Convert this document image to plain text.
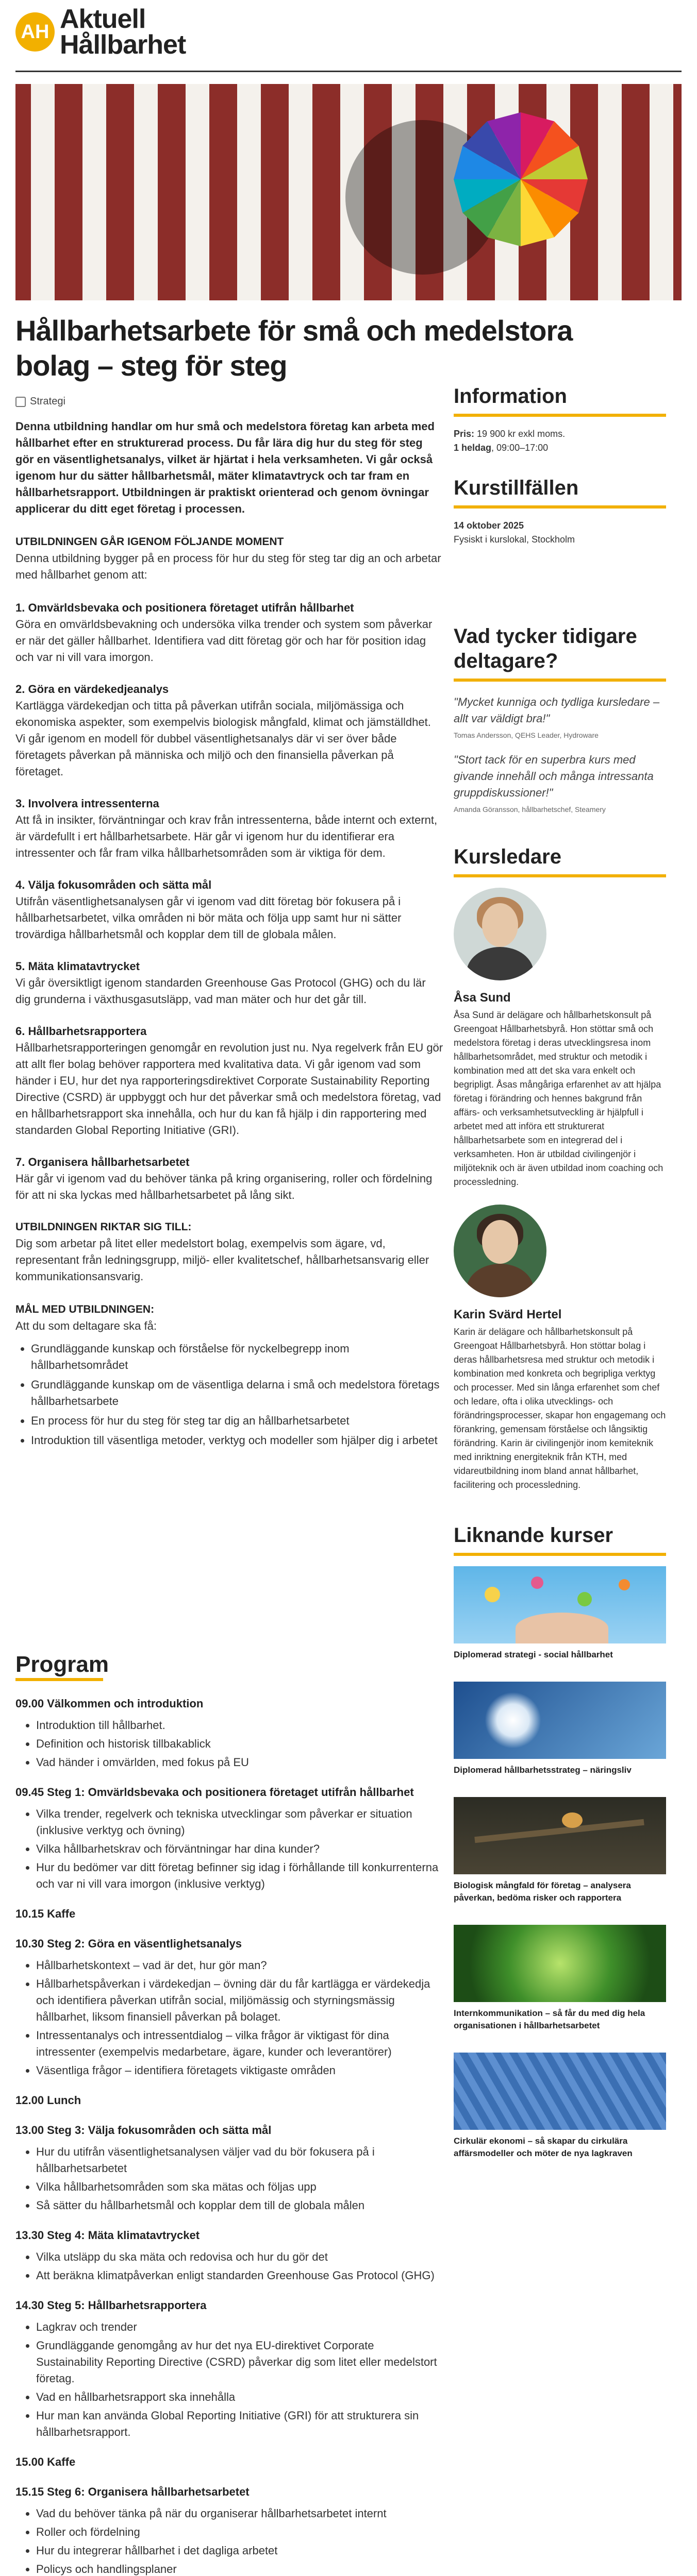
AH Aktuell
Hållbarhet
Hållbarhetsarbete för små och medelstora bolag – steg för steg
Strategi

Denna utbildning handlar om hur små och medelstora företag kan arbeta med hållbarhet efter en strukturerad process. Du får lära dig hur du steg för steg gör en väsentlighetsanalys, vilket är hjärtat i hela verksamheten. Vi går också igenom hur du sätter hållbarhetsmål, mäter klimatavtryck och tar fram en hållbarhetsrapport. Utbildningen är praktiskt orienterad och genom övningar applicerar du ditt eget företag i processen.

UTBILDNINGEN GÅR IGENOM FÖLJANDE MOMENT

Denna utbildning bygger på en process för hur du steg för steg tar dig an och arbetar med hållbarhet genom att:

1. Omvärldsbevaka och positionera företaget utifrån hållbarhet
Göra en omvärldsbevakning och undersöka vilka trender och system som påverkar er när det gäller hållbarhet. Identifiera vad ditt företag gör och har för position idag och var ni vill vara imorgon.
2. Göra en värdekedjeanalys
Kartlägga värdekedjan och titta på påverkan utifrån sociala, miljömässiga och ekonomiska aspekter, som exempelvis biologisk mångfald, klimat och jämställdhet. Vi går igenom en modell för dubbel väsentlighetsanalys där vi ser över både företagets påverkan på människa och miljö och den finansiella påverkan på företaget.
3. Involvera intressenterna
Att få in insikter, förväntningar och krav från intressenterna, både internt och externt, är värdefullt i ert hållbarhetsarbete. Här går vi igenom hur du identifierar era intressenter och får fram vilka hållbarhetsområden som är viktiga för dem.
4. Välja fokusområden och sätta mål
Utifrån väsentlighetsanalysen går vi igenom vad ditt företag bör fokusera på i hållbarhetsarbetet, vilka områden ni bör mäta och följa upp samt hur ni sätter trovärdiga hållbarhetsmål och kopplar dem till de globala målen.
5. Mäta klimatavtrycket
Vi går översiktligt igenom standarden Greenhouse Gas Protocol (GHG) och du lär dig grunderna i växthusgasutsläpp, vad man mäter och hur det går till.
6. Hållbarhetsrapportera
Hållbarhetsrapporteringen genomgår en revolution just nu. Nya regelverk från EU gör att allt fler bolag behöver rapportera med kvalitativa data. Vi går igenom vad som händer i EU, hur det nya rapporteringsdirektivet Corporate Sustainability Reporting Directive (CSRD) är uppbyggt och hur det påverkar små och medelstora företag, vad en hållbarhetsrapport ska innehålla, och hur du kan få hjälp i din rapportering med standarden Global Reporting Initiative (GRI).
7. Organisera hållbarhetsarbetet
Här går vi igenom vad du behöver tänka på kring organisering, roller och fördelning för att ni ska lyckas med hållbarhetsarbetet på lång sikt.
UTBILDNINGEN RIKTAR SIG TILL:

Dig som arbetar på litet eller medelstort bolag, exempelvis som ägare, vd, representant från ledningsgrupp, miljö- eller kvalitetschef, hållbarhetsansvarig eller kommunikationsansvarig.

MÅL MED UTBILDNINGEN:
Att du som deltagare ska få:
• Grundläggande kunskap och förståelse för nyckelbegrepp inom hållbarhetsområdet
• Grundläggande kunskap om de väsentliga delarna i små och medelstora företags hållbarhetsarbete
• En process för hur du steg för steg tar dig an hållbarhetsarbetet
• Introduktion till väsentliga metoder, verktyg och modeller som hjälper dig i arbetet
Program
09.00 Välkommen och introduktion
• Introduktion till hållbarhet.
• Definition och historisk tillbakablick
• Vad händer i omvärlden, med fokus på EU
09.45 Steg 1: Omvärldsbevaka och positionera företaget utifrån hållbarhet
• Vilka trender, regelverk och tekniska utvecklingar som påverkar er situation (inklusive verktyg och övning)
• Vilka hållbarhetskrav och förväntningar har dina kunder?
• Hur du bedömer var ditt företag befinner sig idag i förhållande till konkurrenterna och var ni vill vara imorgon (inklusive verktyg)
10.15 Kaffe
10.30 Steg 2: Göra en väsentlighetsanalys
• Hållbarhetskontext – vad är det, hur gör man?
• Hållbarhetspåverkan i värdekedjan – övning där du får kartlägga er värdekedja och identifiera påverkan utifrån social, miljömässig och styrningsmässig hållbarhet, liksom finansiell påverkan på bolaget.
• Intressentanalys och intressentdialog – vilka frågor är viktigast för dina intressenter (exempelvis medarbetare, ägare, kunder och leverantörer)
• Väsentliga frågor – identifiera företagets viktigaste områden
12.00 Lunch
13.00 Steg 3: Välja fokusområden och sätta mål
• Hur du utifrån väsentlighetsanalysen väljer vad du bör fokusera på i hållbarhetsarbetet
• Vilka hållbarhetsområden som ska mätas och följas upp
• Så sätter du hållbarhetsmål och kopplar dem till de globala målen
13.30 Steg 4: Mäta klimatavtrycket
• Vilka utsläpp du ska mäta och redovisa och hur du gör det
• Att beräkna klimatpåverkan enligt standarden Greenhouse Gas Protocol (GHG)
14.30 Steg 5: Hållbarhetsrapportera
• Lagkrav och trender
• Grundläggande genomgång av hur det nya EU-direktivet Corporate Sustainability Reporting Directive (CSRD) påverkar dig som litet eller medelstort företag.
• Vad en hållbarhetsrapport ska innehålla
• Hur man kan använda Global Reporting Initiative (GRI) för att strukturera sin hållbarhetsrapport.
15.00 Kaffe
15.15 Steg 6: Organisera hållbarhetsarbetet
• Vad du behöver tänka på när du organiserar hållbarhetsarbetet internt
• Roller och fördelning
• Hur du integrerar hållbarhet i det dagliga arbetet
• Policys och handlingsplaner
Information
Pris: 19 900 kr exkl moms.
1 heldag, 09:00–17:00
Kurstillfällen
14 oktober 2025
Fysiskt i kurslokal, Stockholm
Vad tycker tidigare deltagare?
"Mycket kunniga och tydliga kursledare – allt var väldigt bra!"
Tomas Andersson, QEHS Leader, Hydroware
"Stort tack för en superbra kurs med givande innehåll och många intressanta gruppdiskussioner!"
Amanda Göransson, hållbarhetschef, Steamery
Kursledare
Åsa Sund
Åsa Sund är delägare och hållbarhetskonsult på Greengoat Hållbarhetsbyrå. Hon stöttar små och medelstora företag i deras utvecklingsresa inom hållbarhetsområdet, med struktur och metodik i kombination med att det ska vara enkelt och begripligt. Åsas mångåriga erfarenhet av att hjälpa företag i förändring och hennes bakgrund från affärs- och verksamhetsutveckling är hjälpfull i arbetet med att införa ett strukturerat hållbarhetsarbete som en integrerad del i verksamheten. Hon är utbildad civilingenjör i miljöteknik och är även utbildad inom coaching och processledning.
Karin Svärd Hertel
Karin är delägare och hållbarhetskonsult på Greengoat Hållbarhetsbyrå. Hon stöttar bolag i deras hållbarhetsresa med struktur och metodik i kombination med konkreta och begripliga verktyg och processer. Med sin långa erfarenhet som chef och ledare, ofta i olika utvecklings- och förändringsprocesser, skapar hon engagemang och förankring, gemensam förståelse och långsiktig förändring. Karin är civilingenjör inom kemiteknik med inriktning energiteknik från KTH, med vidareutbildning inom bland annat hållbarhet, facilitering och processledning.
Liknande kurser
Diplomerad strategi - social hållbarhet
Diplomerad hållbarhetsstrateg – näringsliv
Biologisk mångfald för företag – analysera påverkan, bedöma risker och rapportera
Internkommunikation – så får du med dig hela organisationen i hållbarhetsarbetet
Cirkulär ekonomi – så skapar du cirkulära affärsmodeller och möter de nya lagkraven
